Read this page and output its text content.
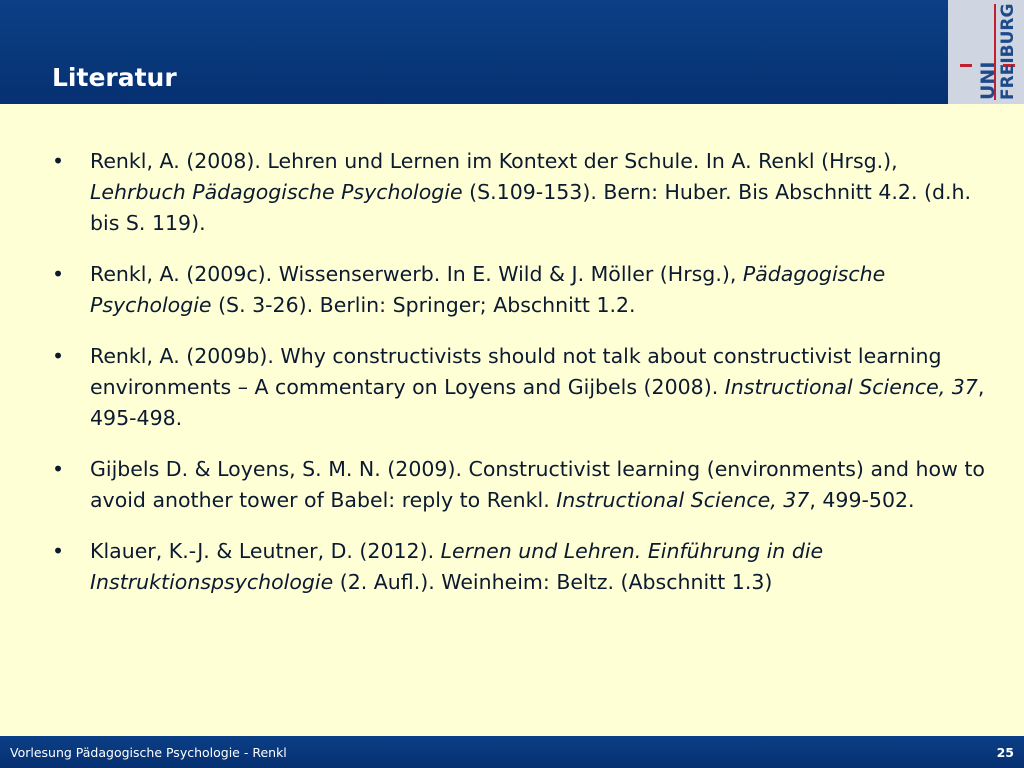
Literatur	UNI FREIBURG
•	Renkl, A. (2008). Lehren und Lernen im Kontext der Schule. In A. Renkl (Hrsg.), Lehrbuch Pädagogische Psychologie (S.109-153). Bern: Huber. Bis Abschnitt 4.2. (d.h. bis S. 119).
•	Renkl, A. (2009c). Wissenserwerb. In E. Wild & J. Möller (Hrsg.), Pädagogische Psychologie (S. 3-26). Berlin: Springer; Abschnitt 1.2.
•	Renkl, A. (2009b). Why constructivists should not talk about constructivist learning environments – A commentary on Loyens and Gijbels (2008). Instructional Science, 37, 495-498.
•	Gijbels D. & Loyens, S. M. N. (2009). Constructivist learning (environments) and how to avoid another tower of Babel: reply to Renkl. Instructional Science, 37, 499-502.
•	Klauer, K.-J. & Leutner, D. (2012). Lernen und Lehren. Einführung in die Instruktionspsychologie (2. Aufl.). Weinheim: Beltz. (Abschnitt 1.3)
Vorlesung Pädagogische Psychologie - Renkl	25
